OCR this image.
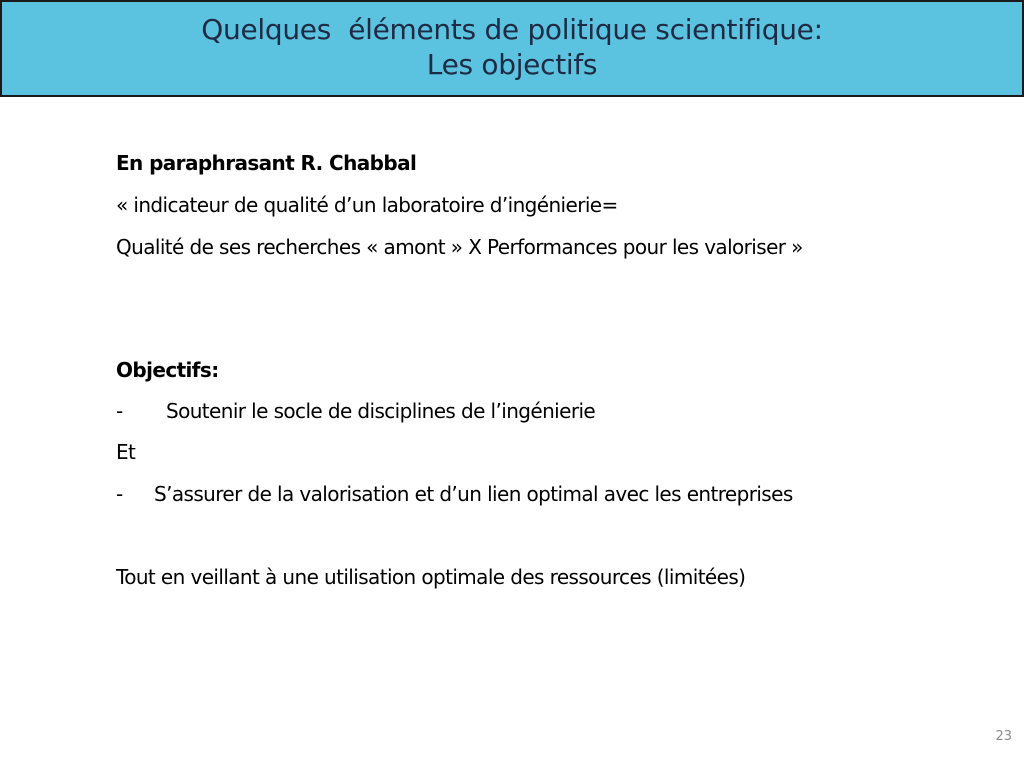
Quelques  éléments de politique scientifique:
Les objectifs
En paraphrasant R. Chabbal
« indicateur de qualité d’un laboratoire d’ingénierie=
Qualité de ses recherches « amont » X Performances pour les valoriser »
Objectifs:
- Soutenir le socle de disciplines de l’ingénierie
Et
- S’assurer de la valorisation et d’un lien optimal avec les entreprises
Tout en veillant à une utilisation optimale des ressources (limitées)
23
